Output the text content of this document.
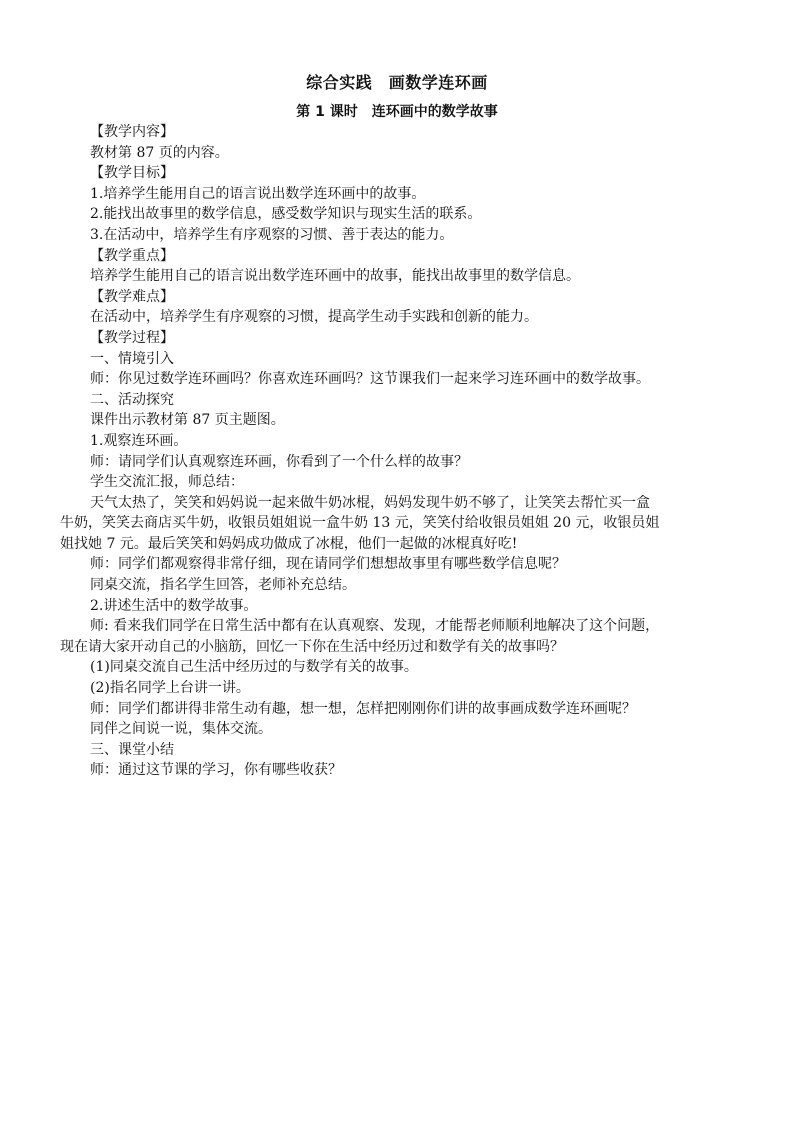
综合实践　画数学连环画
第 1 课时　连环画中的数学故事
【教学内容】
教材第 87 页的内容。
【教学目标】
1.培养学生能用自己的语言说出数学连环画中的故事。
2.能找出故事里的数学信息，感受数学知识与现实生活的联系。
3.在活动中，培养学生有序观察的习惯、善于表达的能力。
【教学重点】
培养学生能用自己的语言说出数学连环画中的故事，能找出故事里的数学信息。
【教学难点】
在活动中，培养学生有序观察的习惯，提高学生动手实践和创新的能力。
【教学过程】
一、情境引入
师：你见过数学连环画吗？你喜欢连环画吗？这节课我们一起来学习连环画中的数学故事。
二、活动探究
课件出示教材第 87 页主题图。
1.观察连环画。
师：请同学们认真观察连环画，你看到了一个什么样的故事？
学生交流汇报，师总结：
天气太热了，笑笑和妈妈说一起来做牛奶冰棍，妈妈发现牛奶不够了，让笑笑去帮忙买一盒
牛奶，笑笑去商店买牛奶，收银员姐姐说一盒牛奶 13 元，笑笑付给收银员姐姐 20 元，收银员姐
姐找她 7 元。最后笑笑和妈妈成功做成了冰棍，他们一起做的冰棍真好吃!
师：同学们都观察得非常仔细，现在请同学们想想故事里有哪些数学信息呢？
同桌交流，指名学生回答，老师补充总结。
2.讲述生活中的数学故事。
师: 看来我们同学在日常生活中都有在认真观察、发现，才能帮老师顺利地解决了这个问题，
现在请大家开动自己的小脑筋，回忆一下你在生活中经历过和数学有关的故事吗？
(1)同桌交流自己生活中经历过的与数学有关的故事。
(2)指名同学上台讲一讲。
师：同学们都讲得非常生动有趣，想一想，怎样把刚刚你们讲的故事画成数学连环画呢？
同伴之间说一说，集体交流。
三、课堂小结
师：通过这节课的学习，你有哪些收获？
